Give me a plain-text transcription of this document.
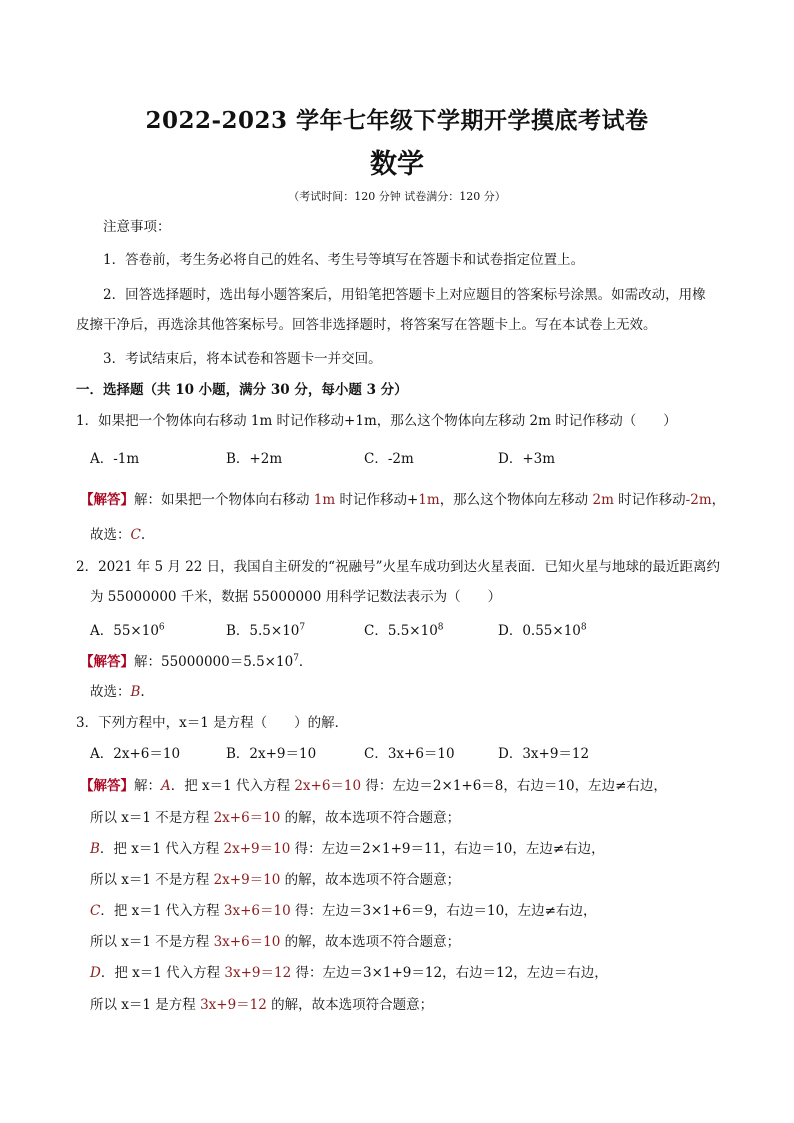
2022-2023 学年七年级下学期开学摸底考试卷
数学
（考试时间：120 分钟 试卷满分：120 分）
注意事项：
1．答卷前，考生务必将自己的姓名、考生号等填写在答题卡和试卷指定位置上。
2．回答选择题时，选出每小题答案后，用铅笔把答题卡上对应题目的答案标号涂黑。如需改动，用橡
皮擦干净后，再选涂其他答案标号。回答非选择题时，将答案写在答题卡上。写在本试卷上无效。
3．考试结束后，将本试卷和答题卡一并交回。
一．选择题（共 10 小题，满分 30 分，每小题 3 分）
1．如果把一个物体向右移动 1m 时记作移动+1m，那么这个物体向左移动 2m 时记作移动（　　）
A．-1m	B．+2m	C．-2m	D．+3m
【解答】解：如果把一个物体向右移动 1m 时记作移动+1m，那么这个物体向左移动 2m 时记作移动-2m，
故选：C.
2．2021 年 5 月 22 日，我国自主研发的“祝融号”火星车成功到达火星表面．已知火星与地球的最近距离约
为 55000000 千米，数据 55000000 用科学记数法表示为（　　）
A．$55\times 10^6$	B．$5.5\times 10^7$	C．$5.5\times 10^8$	D．$0.55\times 10^8$
【解答】解：$55000000=5.5\times 10^7$．
故选：B.
3．下列方程中，x＝1 是方程（　　）的解．
A．2x+6＝10	B．2x+9＝10	C．3x+6＝10	D．3x+9＝12
【解答】解：A．把 x＝1 代入方程 2x+6＝10 得：左边＝2×1+6＝8，右边＝10，左边≠右边，
所以 x＝1 不是方程 2x+6＝10 的解，故本选项不符合题意；
B．把 x＝1 代入方程 2x+9＝10 得：左边＝2×1+9＝11，右边＝10，左边≠右边，
所以 x＝1 不是方程 2x+9＝10 的解，故本选项不符合题意；
C．把 x＝1 代入方程 3x+6＝10 得：左边＝3×1+6＝9，右边＝10，左边≠右边，
所以 x＝1 不是方程 3x+6＝10 的解，故本选项不符合题意；
D．把 x＝1 代入方程 3x+9＝12 得：左边＝3×1+9＝12，右边＝12，左边＝右边，
所以 x＝1 是方程 3x+9＝12 的解，故本选项符合题意；
